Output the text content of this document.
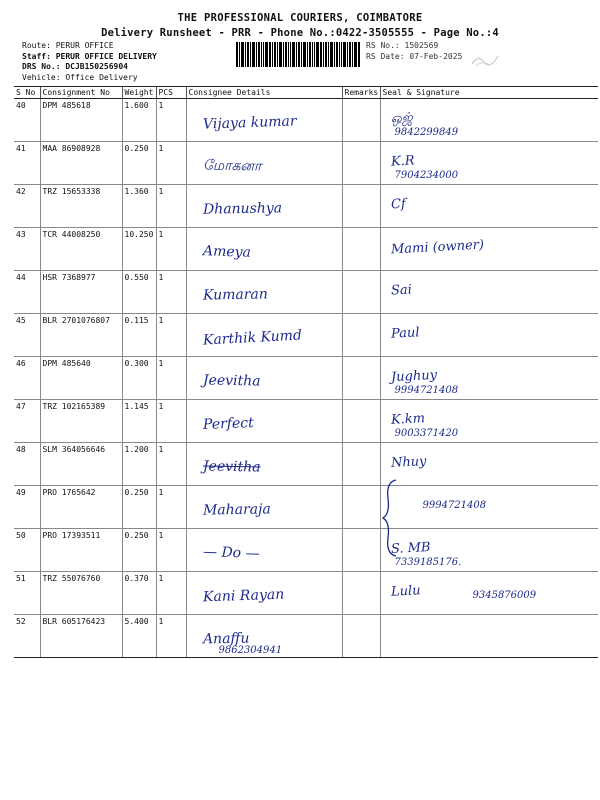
THE PROFESSIONAL COURIERS, COIMBATORE
Delivery Runsheet - PRR - Phone No.:0422-3505555 - Page No.:4
Route: PERUR OFFICE
Staff: PERUR OFFICE DELIVERY
DRS No.: DCJB150256904
Vehicle: Office Delivery
RS No.: 1502569
RS Date: 07-Feb-2025
S No	Consignment No	Weight	PCS	Consignee Details	Remarks	Seal & Signature
40	DPM 485618	1.600	1	Vijaya kumar		ஒஜ்
9842299849

41	MAA 86908928	0.250	1	மோகனா		K.R
7904234000

42	TRZ 15653338	1.360	1	Dhanushya		Cf

43	TCR 44008250	10.250	1	Ameya		Mami (owner)

44	HSR 7368977	0.550	1	Kumaran		Sai

45	BLR 2701076807	0.115	1	Karthik Kumd		Paul

46	DPM 485640	0.300	1	Jeevitha		Jughuy
9994721408

47	TRZ 102165389	1.145	1	Perfect		K.km
9003371420

48	SLM 364056646	1.200	1	Jeevitha		Nhuy

49	PRO 1765642	0.250	1	Maharaja		9994721408

50	PRO 17393511	0.250	1	— Do —		S. MB
7339185176.

51	TRZ 55076760	0.370	1	Kani Rayan		Lulu 9345876009

52	BLR 605176423	5.400	1	Anaffu
9862304941		
